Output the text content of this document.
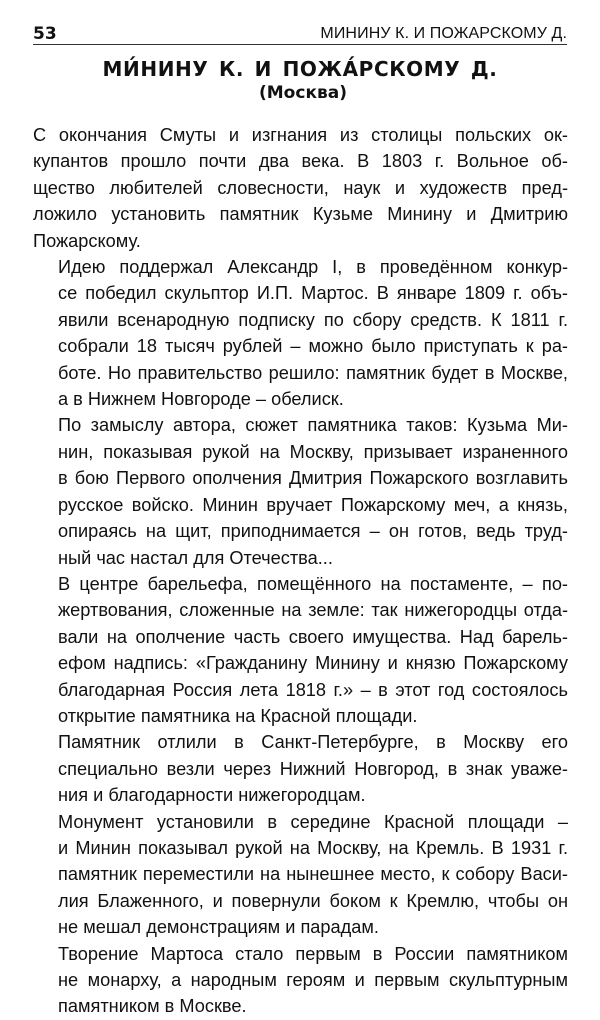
53	МИНИНУ К. И ПОЖАРСКОМУ Д.
МИ́НИНУ К. И ПОЖА́РСКОМУ Д.

(Москва)

С окончания Смуты и изгнания из столицы польских ок-
купантов прошло почти два века. В 1803 г. Вольное об-
щество любителей словесности, наук и художеств пред-
ложило установить памятник Кузьме Минину и Дмитрию
Пожарскому.

Идею поддержал Александр I, в проведённом конкур-
се победил скульптор И.П. Мартос. В январе 1809 г. объ-
явили всенародную подписку по сбору средств. К 1811 г.
собрали 18 тысяч рублей – можно было приступать к ра-
боте. Но правительство решило: памятник будет в Москве,
а в Нижнем Новгороде – обелиск.

По замыслу автора, сюжет памятника таков: Кузьма Ми-
нин, показывая рукой на Москву, призывает израненного
в бою Первого ополчения Дмитрия Пожарского возглавить
русское войско. Минин вручает Пожарскому меч, а князь,
опираясь на щит, приподнимается – он готов, ведь труд-
ный час настал для Отечества...

В центре барельефа, помещённого на постаменте, – по-
жертвования, сложенные на земле: так нижегородцы отда-
вали на ополчение часть своего имущества. Над барель-
ефом надпись: «Гражданину Минину и князю Пожарскому
благодарная Россия лета 1818 г.» – в этот год состоялось
открытие памятника на Красной площади.

Памятник отлили в Санкт-Петербурге, в Москву его
специально везли через Нижний Новгород, в знак уваже-
ния и благодарности нижегородцам.

Монумент установили в середине Красной площади –
и Минин показывал рукой на Москву, на Кремль. В 1931 г.
памятник переместили на нынешнее место, к собору Васи-
лия Блаженного, и повернули боком к Кремлю, чтобы он
не мешал демонстрациям и парадам.

Творение Мартоса стало первым в России памятником
не монарху, а народным героям и первым скульптурным
памятником в Москве.
